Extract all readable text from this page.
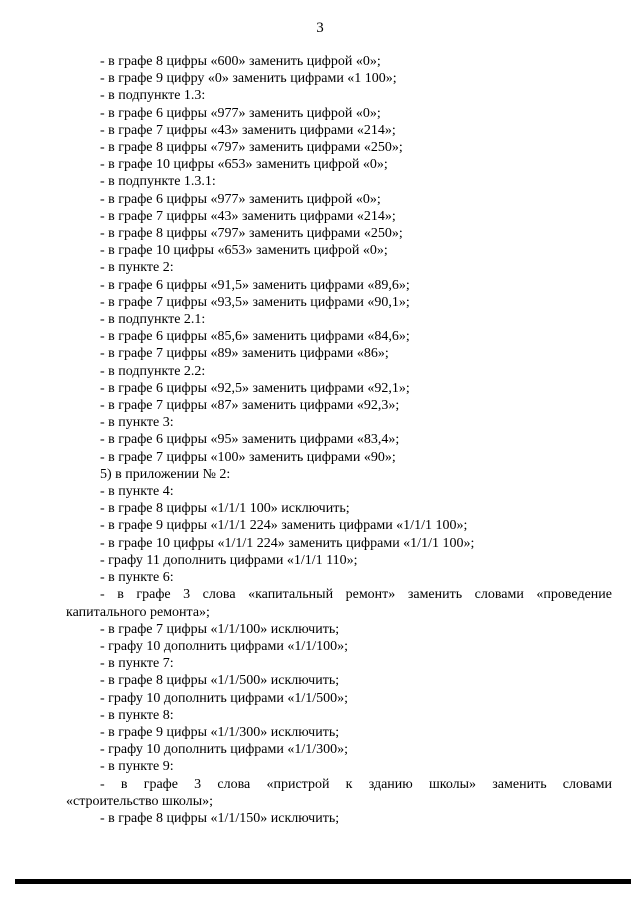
3

- в графе 8 цифры «600» заменить цифрой «0»;

- в графе 9 цифру «0» заменить цифрами «1 100»;

- в подпункте 1.3:

- в графе 6 цифры «977» заменить цифрой «0»;

- в графе 7 цифры «43» заменить цифрами «214»;

- в графе 8 цифры «797» заменить цифрами «250»;

- в графе 10 цифры «653» заменить цифрой «0»;

- в подпункте 1.3.1:

- в графе 6 цифры «977» заменить цифрой «0»;

- в графе 7 цифры «43» заменить цифрами «214»;

- в графе 8 цифры «797» заменить цифрами «250»;

- в графе 10 цифры «653» заменить цифрой «0»;

- в пункте 2:

- в графе 6 цифры «91,5» заменить цифрами «89,6»;

- в графе 7 цифры «93,5» заменить цифрами «90,1»;

- в подпункте 2.1:

- в графе 6 цифры «85,6» заменить цифрами «84,6»;

- в графе 7 цифры «89» заменить цифрами «86»;

- в подпункте 2.2:

- в графе 6 цифры «92,5» заменить цифрами «92,1»;

- в графе 7 цифры «87» заменить цифрами «92,3»;

- в пункте 3:

- в графе 6 цифры «95» заменить цифрами «83,4»;

- в графе 7 цифры «100» заменить цифрами «90»;

5) в приложении № 2:

- в пункте 4:

- в графе 8 цифры «1/1/1 100» исключить;

- в графе 9 цифры «1/1/1 224» заменить цифрами «1/1/1 100»;

- в графе 10 цифры «1/1/1 224» заменить цифрами «1/1/1 100»;

- графу 11 дополнить цифрами «1/1/1 110»;

- в пункте 6:

- в графе 3 слова «капитальный ремонт» заменить словами «проведение

капитального ремонта»;

- в графе 7 цифры «1/1/100» исключить;

- графу 10 дополнить цифрами «1/1/100»;

- в пункте 7:

- в графе 8 цифры «1/1/500» исключить;

- графу 10 дополнить цифрами «1/1/500»;

- в пункте 8:

- в графе 9 цифры «1/1/300» исключить;

- графу 10 дополнить цифрами «1/1/300»;

- в пункте 9:

- в графе 3 слова «пристрой к зданию школы» заменить словами

«строительство школы»;

- в графе 8 цифры «1/1/150» исключить;
